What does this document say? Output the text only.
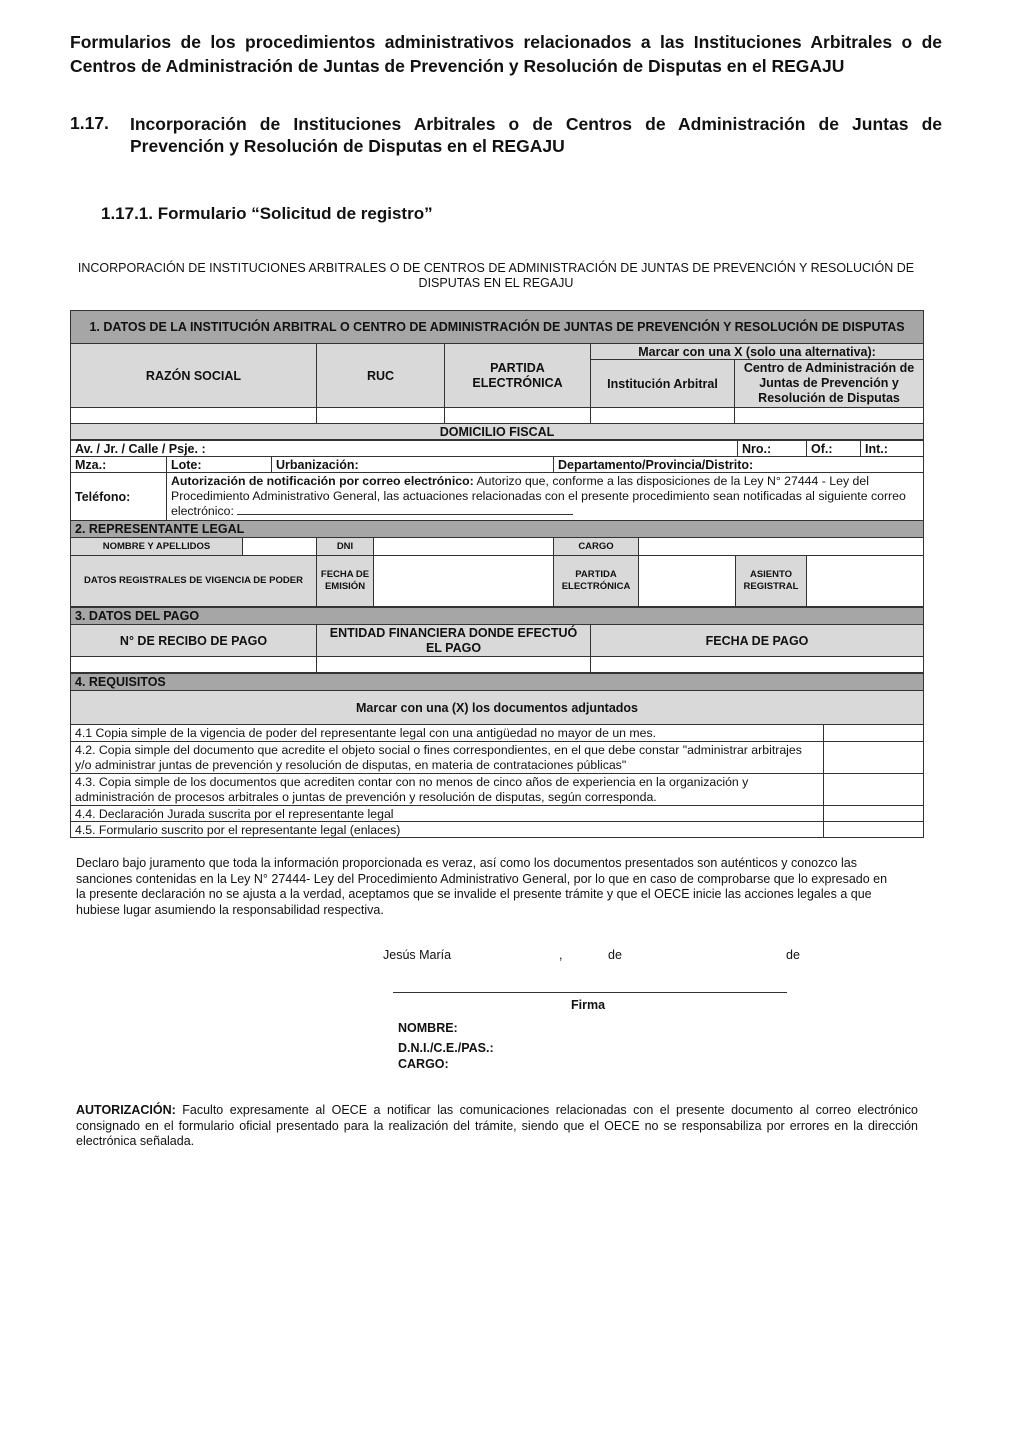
Formularios de los procedimientos administrativos relacionados a las Instituciones Arbitrales o de Centros de Administración de Juntas de Prevención y Resolución de Disputas en el REGAJU
1.17. Incorporación de Instituciones Arbitrales o de Centros de Administración de Juntas de Prevención y Resolución de Disputas en el REGAJU
1.17.1. Formulario “Solicitud de registro”
INCORPORACIÓN DE INSTITUCIONES ARBITRALES O DE CENTROS DE ADMINISTRACIÓN DE JUNTAS DE PREVENCIÓN Y RESOLUCIÓN DE DISPUTAS EN EL REGAJU
1. DATOS DE LA INSTITUCIÓN ARBITRAL O CENTRO DE ADMINISTRACIÓN DE JUNTAS DE PREVENCIÓN Y RESOLUCIÓN DE DISPUTAS				
RAZÓN SOCIAL	RUC	PARTIDA ELECTRÓNICA	Marcar con una X (solo una alternativa):	
			Institución Arbitral	Centro de Administración de Juntas de Prevención y Resolución de Disputas

DOMICILIO FISCAL				
Av. / Jr. / Calle / Psje. :				Nro.:	Of.:	Int.:
Mza.:	Lote:	Urbanización:	Departamento/Provincia/Distrito:			
Teléfono:	Autorización de notificación por correo electrónico: Autorizo que, conforme a las disposiciones de la Ley N° 27444 - Ley del Procedimiento Administrativo General, las actuaciones relacionadas con el presente procedimiento sean notificadas al siguiente correo electrónico:
2. REPRESENTANTE LEGAL							
NOMBRE Y APELLIDOS		DNI		CARGO			
DATOS REGISTRALES DE VIGENCIA DE PODER		FECHA DE EMISIÓN		PARTIDA ELECTRÓNICA		ASIENTO REGISTRAL	
3. DATOS DEL PAGO		
N° DE RECIBO DE PAGO	ENTIDAD FINANCIERA DONDE EFECTUÓ EL PAGO	FECHA DE PAGO

4. REQUISITOS	
Marcar con una (X) los documentos adjuntados	
4.1 Copia simple de la vigencia de poder del representante legal con una antigüedad no mayor de un mes.	
4.2. Copia simple del documento que acredite el objeto social o fines correspondientes, en el que debe constar "administrar arbitrajes y/o administrar juntas de prevención y resolución de disputas, en materia de contrataciones públicas"	
4.3. Copia simple de los documentos que acrediten contar con no menos de cinco años de experiencia en la organización y administración de procesos arbitrales o juntas de prevención y resolución de disputas, según corresponda.	
4.4. Declaración Jurada suscrita por el representante legal	
4.5. Formulario suscrito por el representante legal (enlaces)	
Declaro bajo juramento que toda la información proporcionada es veraz, así como los documentos presentados son auténticos y conozco las sanciones contenidas en la Ley N° 27444- Ley del Procedimiento Administrativo General, por lo que en caso de comprobarse que lo expresado en la presente declaración no se ajusta a la verdad, aceptamos que se invalide el presente trámite y que el OECE inicie las acciones legales a que hubiese lugar asumiendo la responsabilidad respectiva.
Jesús María	,	de	de
Firma
NOMBRE:
D.N.I./C.E./PAS.:
CARGO:
AUTORIZACIÓN: Faculto expresamente al OECE a notificar las comunicaciones relacionadas con el presente documento al correo electrónico consignado en el formulario oficial presentado para la realización del trámite, siendo que el OECE no se responsabiliza por errores en la dirección electrónica señalada.
